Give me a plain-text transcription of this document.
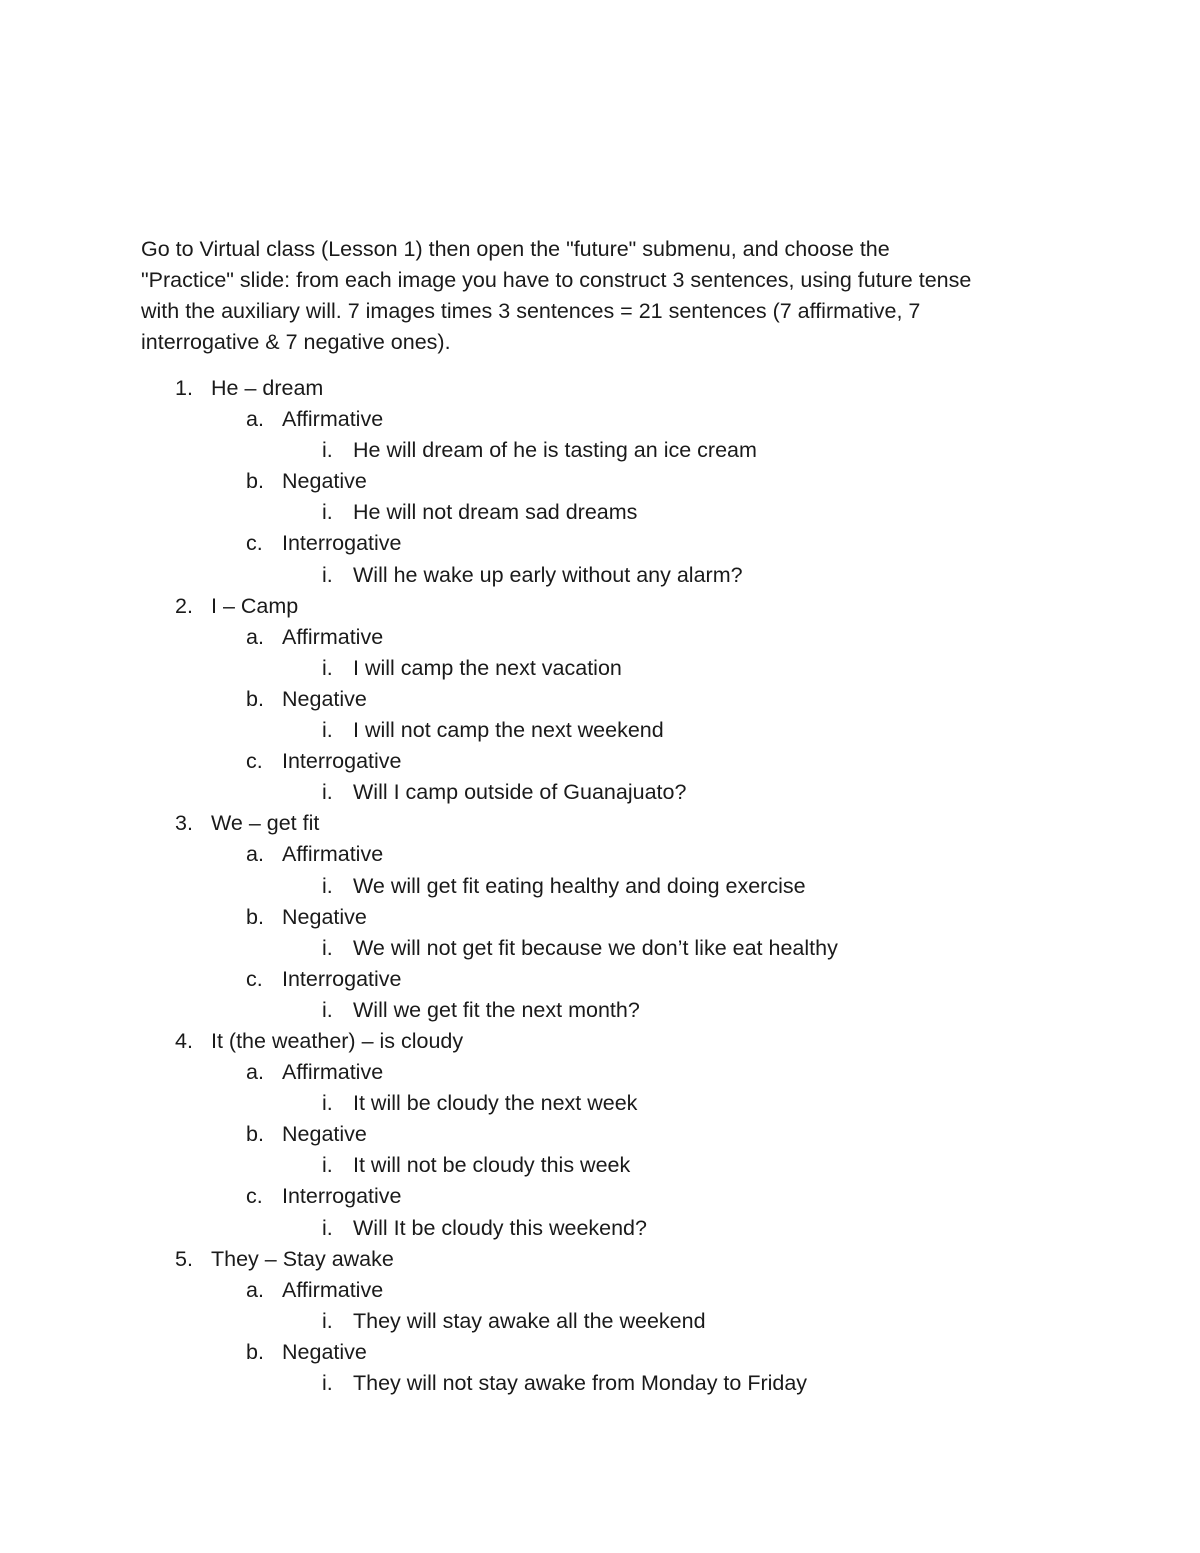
Go to Virtual class (Lesson 1) then open the "future" submenu, and choose the
"Practice" slide: from each image you have to construct 3 sentences, using future tense
with the auxiliary will. 7 images times 3 sentences = 21 sentences (7 affirmative, 7
interrogative & 7 negative ones).

1. He – dream
a. Affirmative
i. He will dream of he is tasting an ice cream
b. Negative
i. He will not dream sad dreams
c. Interrogative
i. Will he wake up early without any alarm?
2. I – Camp
a. Affirmative
i. I will camp the next vacation
b. Negative
i. I will not camp the next weekend
c. Interrogative
i. Will I camp outside of Guanajuato?
3. We – get fit
a. Affirmative
i. We will get fit eating healthy and doing exercise
b. Negative
i. We will not get fit because we don’t like eat healthy
c. Interrogative
i. Will we get fit the next month?
4. It (the weather) – is cloudy
a. Affirmative
i. It will be cloudy the next week
b. Negative
i. It will not be cloudy this week
c. Interrogative
i. Will It be cloudy this weekend?
5. They – Stay awake
a. Affirmative
i. They will stay awake all the weekend
b. Negative
i. They will not stay awake from Monday to Friday
